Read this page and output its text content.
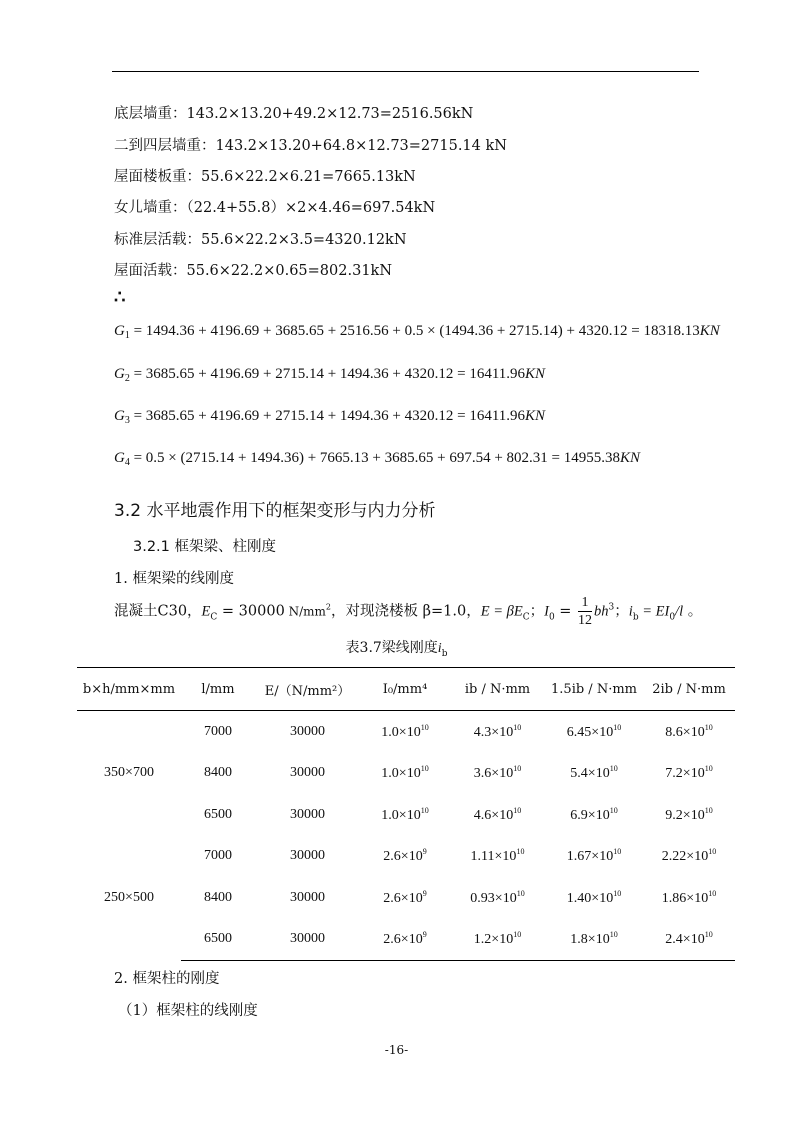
底层墙重：143.2×13.20+49.2×12.73=2516.56kN
二到四层墙重：143.2×13.20+64.8×12.73=2715.14 kN
屋面楼板重：55.6×22.2×6.21=7665.13kN
女儿墙重：（22.4+55.8）×2×4.46=697.54kN
标准层活载：55.6×22.2×3.5=4320.12kN
屋面活载：55.6×22.2×0.65=802.31kN
∴
$G_1 = 1494.36 + 4196.69 + 3685.65 + 2516.56 + 0.5 \times (1494.36 + 2715.14) + 4320.12 = 18318.13KN$
$G_2 = 3685.65 + 4196.69 + 2715.14 + 1494.36 + 4320.12 = 16411.96KN$
$G_3 = 3685.65 + 4196.69 + 2715.14 + 1494.36 + 4320.12 = 16411.96KN$
$G_4 = 0.5 \times (2715.14 + 1494.36) + 7665.13 + 3685.65 + 697.54 + 802.31 = 14955.38KN$
3.2 水平地震作用下的框架变形与内力分析
3.2.1 框架梁、柱刚度
1. 框架梁的线刚度
混凝土C30，$E_C = 30000$ $N/mm^2$，对现浇楼板 β=1.0，$E = \beta E_C$；$I_0 = \frac{1}{12} bh^3$；$i_b = EI_0/l$ 。
表3.7梁线刚度$i_b$
b×h/mm×mm	l/mm	E/（N/mm²）	I₀/mm⁴	ib / N·mm	1.5ib / N·mm	2ib / N·mm
350×700	7000	30000	$1.0\times 10^{10}$	$4.3\times 10^{10}$	$6.45\times 10^{10}$	$8.6\times 10^{10}$
	8400	30000	$1.0\times 10^{10}$	$3.6\times 10^{10}$	$5.4\times 10^{10}$	$7.2\times 10^{10}$
	6500	30000	$1.0\times 10^{10}$	$4.6\times 10^{10}$	$6.9\times 10^{10}$	$9.2\times 10^{10}$
250×500	7000	30000	$2.6\times 10^9$	$1.11\times 10^{10}$	$1.67\times 10^{10}$	$2.22\times 10^{10}$
	8400	30000	$2.6\times 10^9$	$0.93\times 10^{10}$	$1.40\times 10^{10}$	$1.86\times 10^{10}$
	6500	30000	$2.6\times 10^9$	$1.2\times 10^{10}$	$1.8\times 10^{10}$	$2.4\times 10^{10}$
2. 框架柱的刚度
（1）框架柱的线刚度
-16-
